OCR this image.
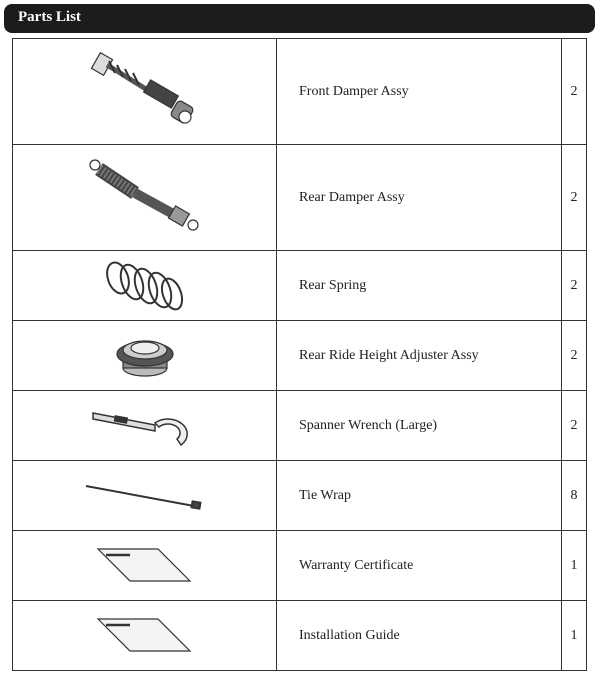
Parts List
	Front Damper Assy	2

	Rear Damper Assy	2

	Rear Spring	2

	Rear Ride Height Adjuster Assy	2

	Spanner Wrench (Large)	2

	Tie Wrap	8

	Warranty Certificate	1

	Installation Guide	1
